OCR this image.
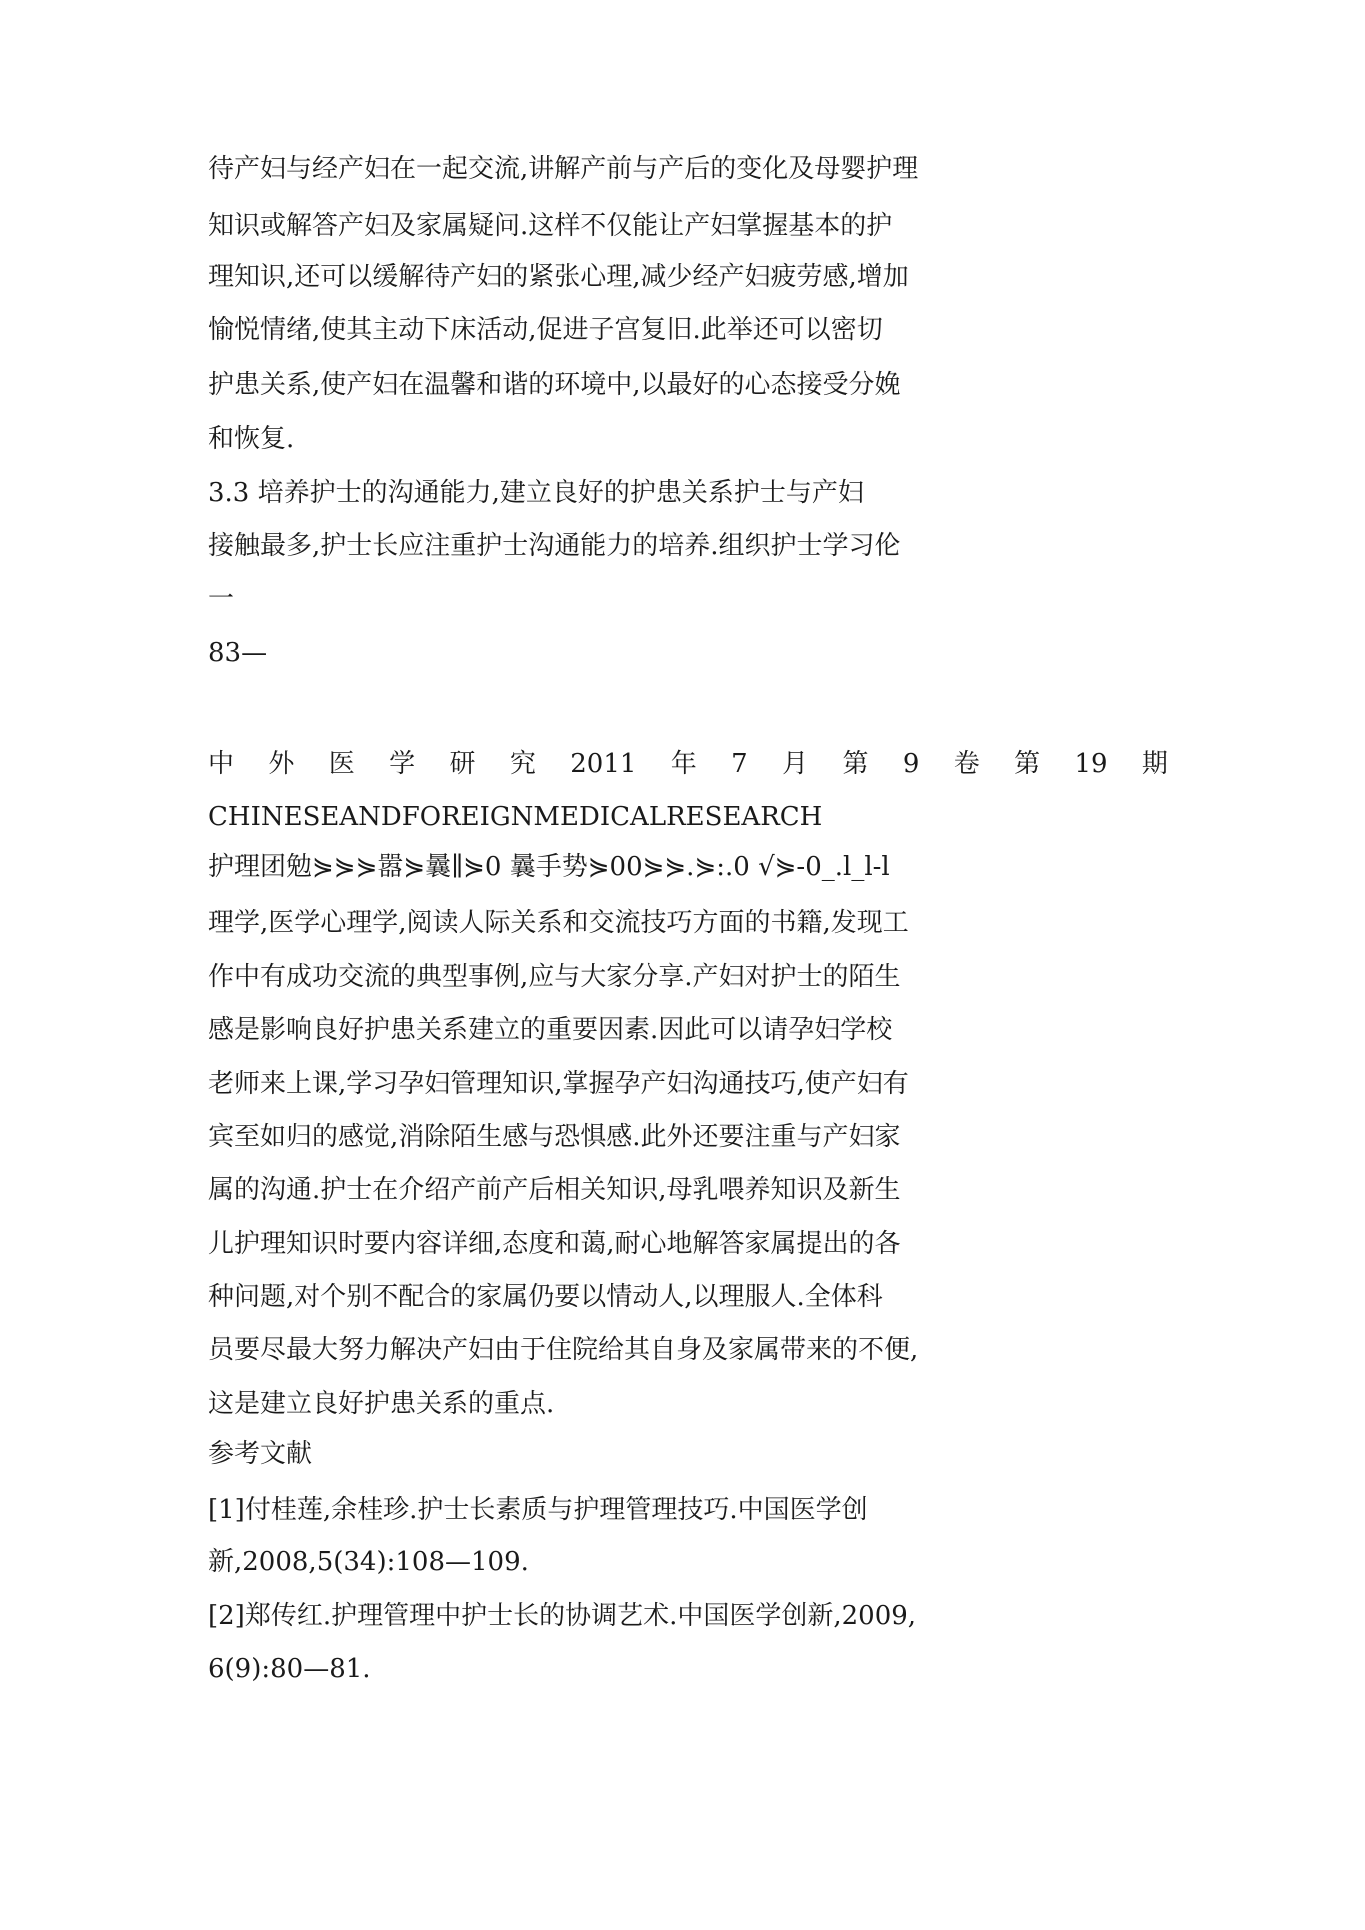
待产妇与经产妇在一起交流,讲解产前与产后的变化及母婴护理
知识或解答产妇及家属疑问.这样不仅能让产妇掌握基本的护
理知识,还可以缓解待产妇的紧张心理,减少经产妇疲劳感,增加
愉悦情绪,使其主动下床活动,促进子宫复旧.此举还可以密切
护患关系,使产妇在温馨和谐的环境中,以最好的心态接受分娩
和恢复.
3.3 培养护士的沟通能力,建立良好的护患关系护士与产妇
接触最多,护士长应注重护士沟通能力的培养.组织护士学习伦
一
83—
中 外 医 学 研 究 2011 年 7 月 第 9 卷 第 19 期
CHINESEANDFOREIGNMEDICALRESEARCH
护理团勉⋟⋟⋟嚣⋟曩∥⋟0 曩手势⋟00⋟⋟.⋟:.0 √⋟-0_.l_l-l
理学,医学心理学,阅读人际关系和交流技巧方面的书籍,发现工
作中有成功交流的典型事例,应与大家分享.产妇对护士的陌生
感是影响良好护患关系建立的重要因素.因此可以请孕妇学校
老师来上课,学习孕妇管理知识,掌握孕产妇沟通技巧,使产妇有
宾至如归的感觉,消除陌生感与恐惧感.此外还要注重与产妇家
属的沟通.护士在介绍产前产后相关知识,母乳喂养知识及新生
儿护理知识时要内容详细,态度和蔼,耐心地解答家属提出的各
种问题,对个别不配合的家属仍要以情动人,以理服人.全体科
员要尽最大努力解决产妇由于住院给其自身及家属带来的不便,
这是建立良好护患关系的重点.
参考文献
[1]付桂莲,余桂珍.护士长素质与护理管理技巧.中国医学创
新,2008,5(34):108—109.
[2]郑传红.护理管理中护士长的协调艺术.中国医学创新,2009,
6(9):80—81.
